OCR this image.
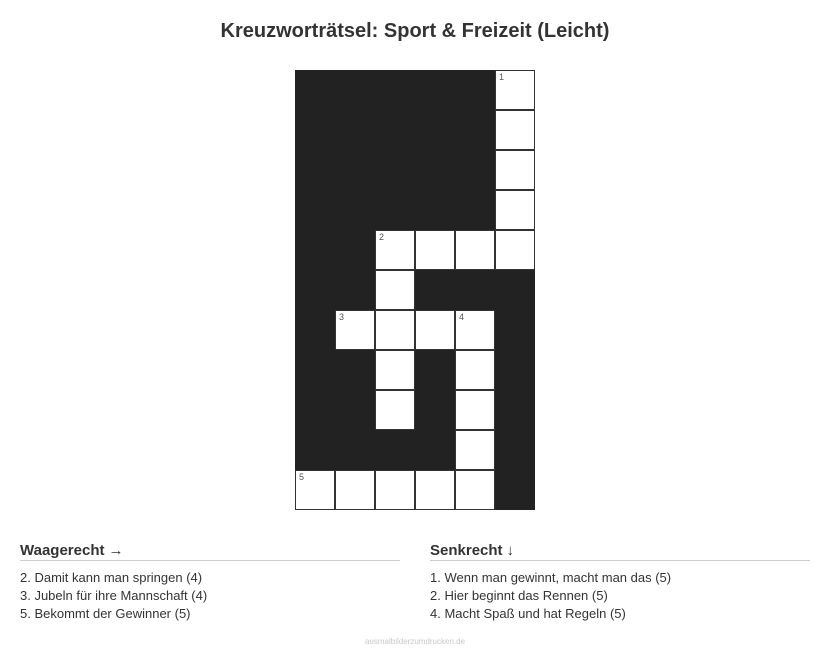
Kreuzworträtsel: Sport & Freizeit (Leicht)
1
2
3	4
5
Waagerecht →
2. Damit kann man springen (4)
3. Jubeln für ihre Mannschaft (4)
5. Bekommt der Gewinner (5)
Senkrecht ↓
1. Wenn man gewinnt, macht man das (5)
2. Hier beginnt das Rennen (5)
4. Macht Spaß und hat Regeln (5)
ausmalbilderzumdrucken.de
